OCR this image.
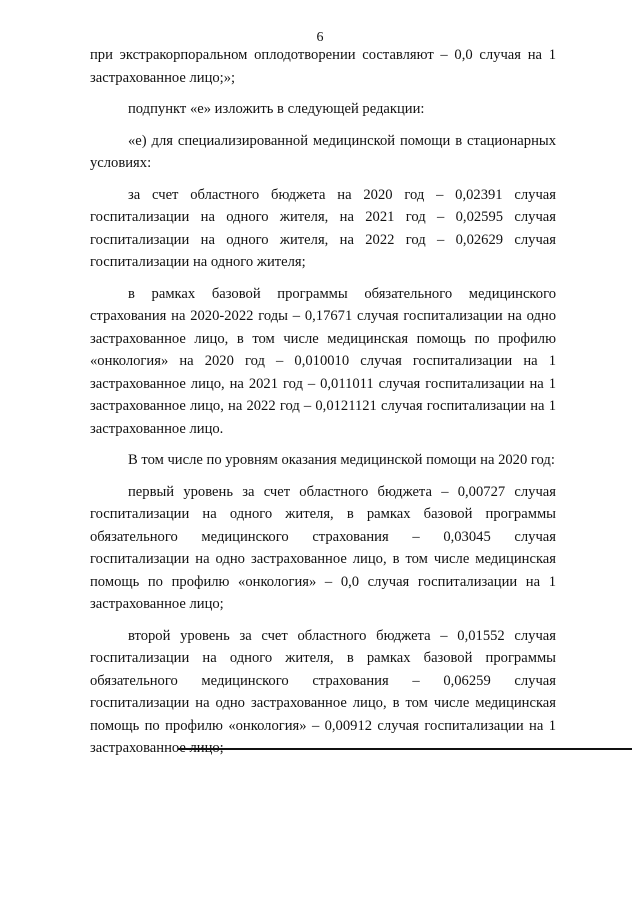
6

при экстракорпоральном оплодотворении составляют – 0,0 случая на 1 застрахованное лицо;»;

подпункт «е» изложить в следующей редакции:

«е) для специализированной медицинской помощи в стационарных условиях:

за счет областного бюджета на 2020 год – 0,02391 случая госпитализации на одного жителя, на 2021 год – 0,02595 случая госпитализации на одного жителя, на 2022 год – 0,02629 случая госпитализации на одного жителя;

в рамках базовой программы обязательного медицинского страхования на 2020-2022 годы – 0,17671 случая госпитализации на одно застрахованное лицо, в том числе медицинская помощь по профилю «онкология» на 2020 год – 0,010010 случая госпитализации на 1 застрахованное лицо, на 2021 год – 0,011011 случая госпитализации на 1 застрахованное лицо, на 2022 год – 0,0121121 случая госпитализации на 1 застрахованное лицо.

В том числе по уровням оказания медицинской помощи на 2020 год:

первый уровень за счет областного бюджета – 0,00727 случая госпитализации на одного жителя, в рамках базовой программы обязательного медицинского страхования – 0,03045 случая госпитализации на одно застрахованное лицо, в том числе медицинская помощь по профилю «онкология» – 0,0 случая госпитализации на 1 застрахованное лицо;

второй уровень за счет областного бюджета – 0,01552 случая госпитализации на одного жителя, в рамках базовой программы обязательного медицинского страхования – 0,06259 случая госпитализации на одно застрахованное лицо, в том числе медицинская помощь по профилю «онкология» – 0,00912 случая госпитализации на 1 застрахованное лицо;
